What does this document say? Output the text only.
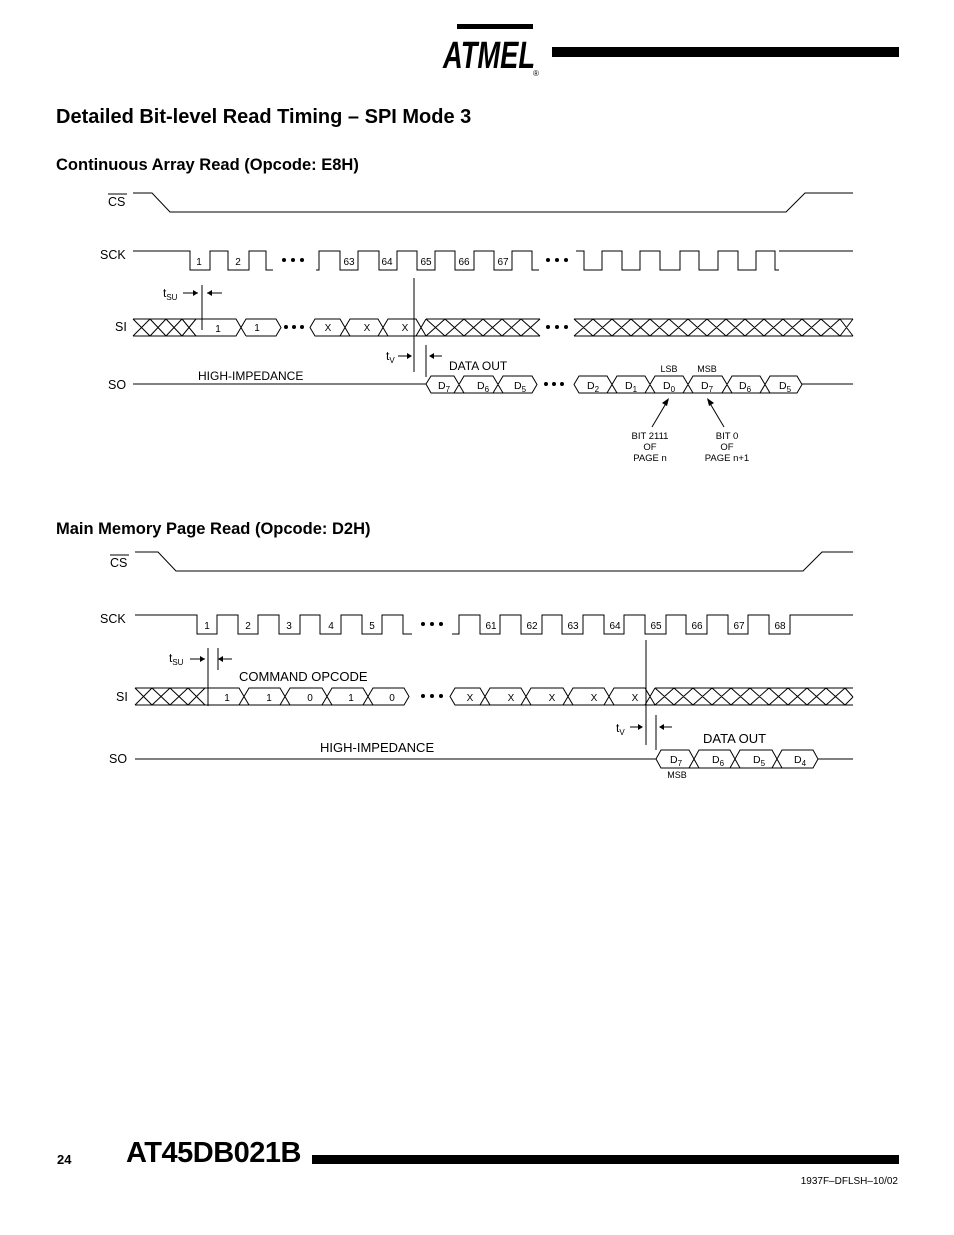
ATMEL
®
Detailed Bit-level Read Timing – SPI Mode 3
Continuous Array Read (Opcode: E8H)
CS
SCK
1	2	63	64	65	66	67
$t_{SU}$
SI	1	1	X	X	X
$t_V$
SO
HIGH-IMPEDANCE
DATA OUT
$D_7$	$D_6$ $D_5$	$D_2$ $D_1$ $D_0$ $D_7$ $D_6$	$D_5$
LSB MSB
BIT 2111
OF
PAGE n
BIT 0
OF
PAGE n+1
Main Memory Page Read (Opcode: D2H)
CS
SCK
1	2	3	4	5	61	62	63	64	65	66	67	68
$t_{SU}$
COMMAND OPCODE
SI	1	1	0	1	0	X	X	X	X	X
$t_V$
SO
HIGH-IMPEDANCE
DATA OUT
$D_7$	$D_6$	$D_5$	$D_4$
MSB
24 AT45DB021B
1937F–DFLSH–10/02
